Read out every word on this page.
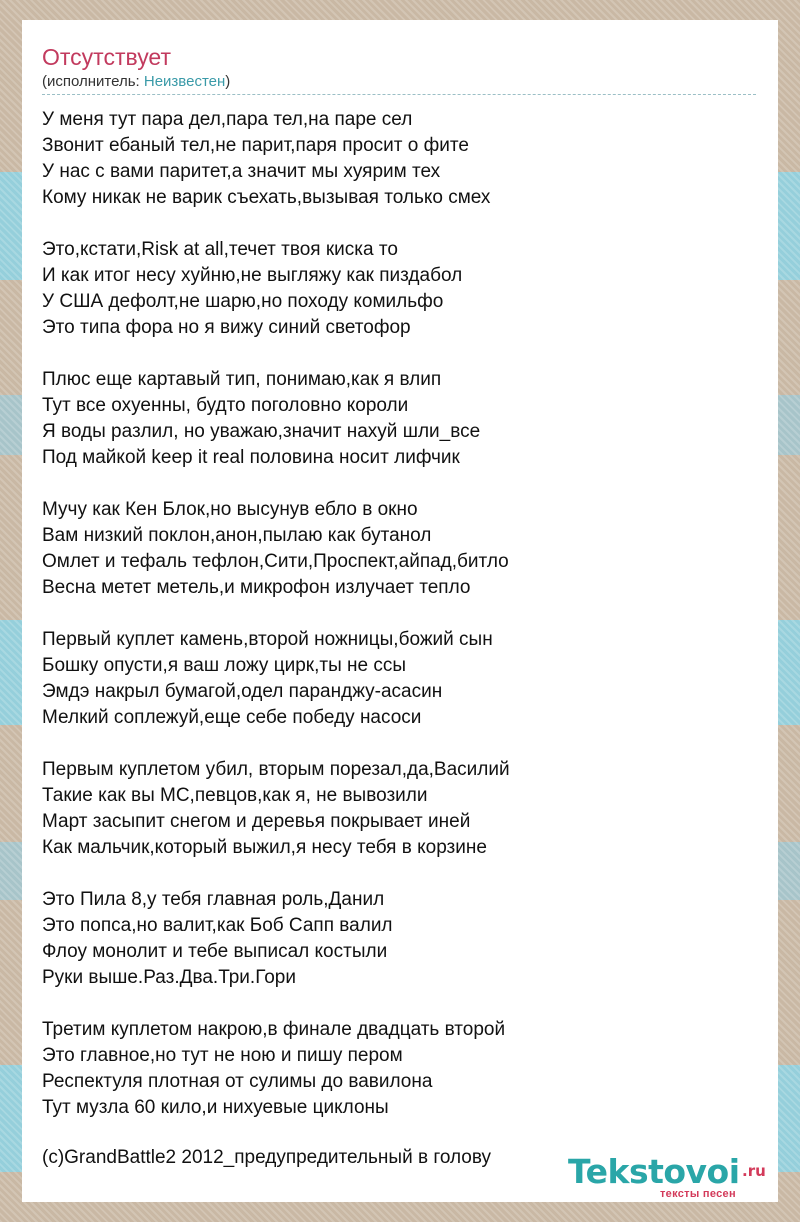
Отсутствует
(исполнитель: Неизвестен)
У меня тут пара дел,пара тел,на паре сел
Звонит ебаный тел,не парит,паря просит о фите
У нас с вами паритет,а значит мы хуярим тех
Кому никак не варик съехать,вызывая только смех
Это,кстати,Risk at all,течет твоя киска то
И как итог несу хуйню,не выгляжу как пиздабол
У США дефолт,не шарю,но походу комильфо
Это типа фора но я вижу синий светофор
Плюс еще картавый тип, понимаю,как я влип
Тут все охуенны, будто поголовно короли
Я воды разлил, но уважаю,значит нахуй шли_все
Под майкой keep it real половина носит лифчик
Мучу как Кен Блок,но высунув ебло в окно
Вам низкий поклон,анон,пылаю как бутанол
Омлет и тефаль тефлон,Сити,Проспект,айпад,битло
Весна метет метель,и микрофон излучает тепло
Первый куплет камень,второй ножницы,божий сын
Бошку опусти,я ваш ложу цирк,ты не ссы
Эмдэ накрыл бумагой,одел паранджу-асасин
Мелкий соплежуй,еще себе победу насоси
Первым куплетом убил, вторым порезал,да,Василий
Такие как вы МС,певцов,как я, не вывозили
Март засыпит снегом и деревья покрывает иней
Как мальчик,который выжил,я несу тебя в корзине
Это Пила 8,у тебя главная роль,Данил
Это попса,но валит,как Боб Сапп валил
Флоу монолит и тебе выписал костыли
Руки выше.Раз.Два.Три.Гори
Третим куплетом накрою,в финале двадцать второй
Это главное,но тут не ною и пишу пером
Респектуля плотная от сулимы до вавилона
Тут музла 60 кило,и нихуевые циклоны
(c)GrandBattle2 2012_предупредительный в голову Tekstovoi .ru
тексты песен
